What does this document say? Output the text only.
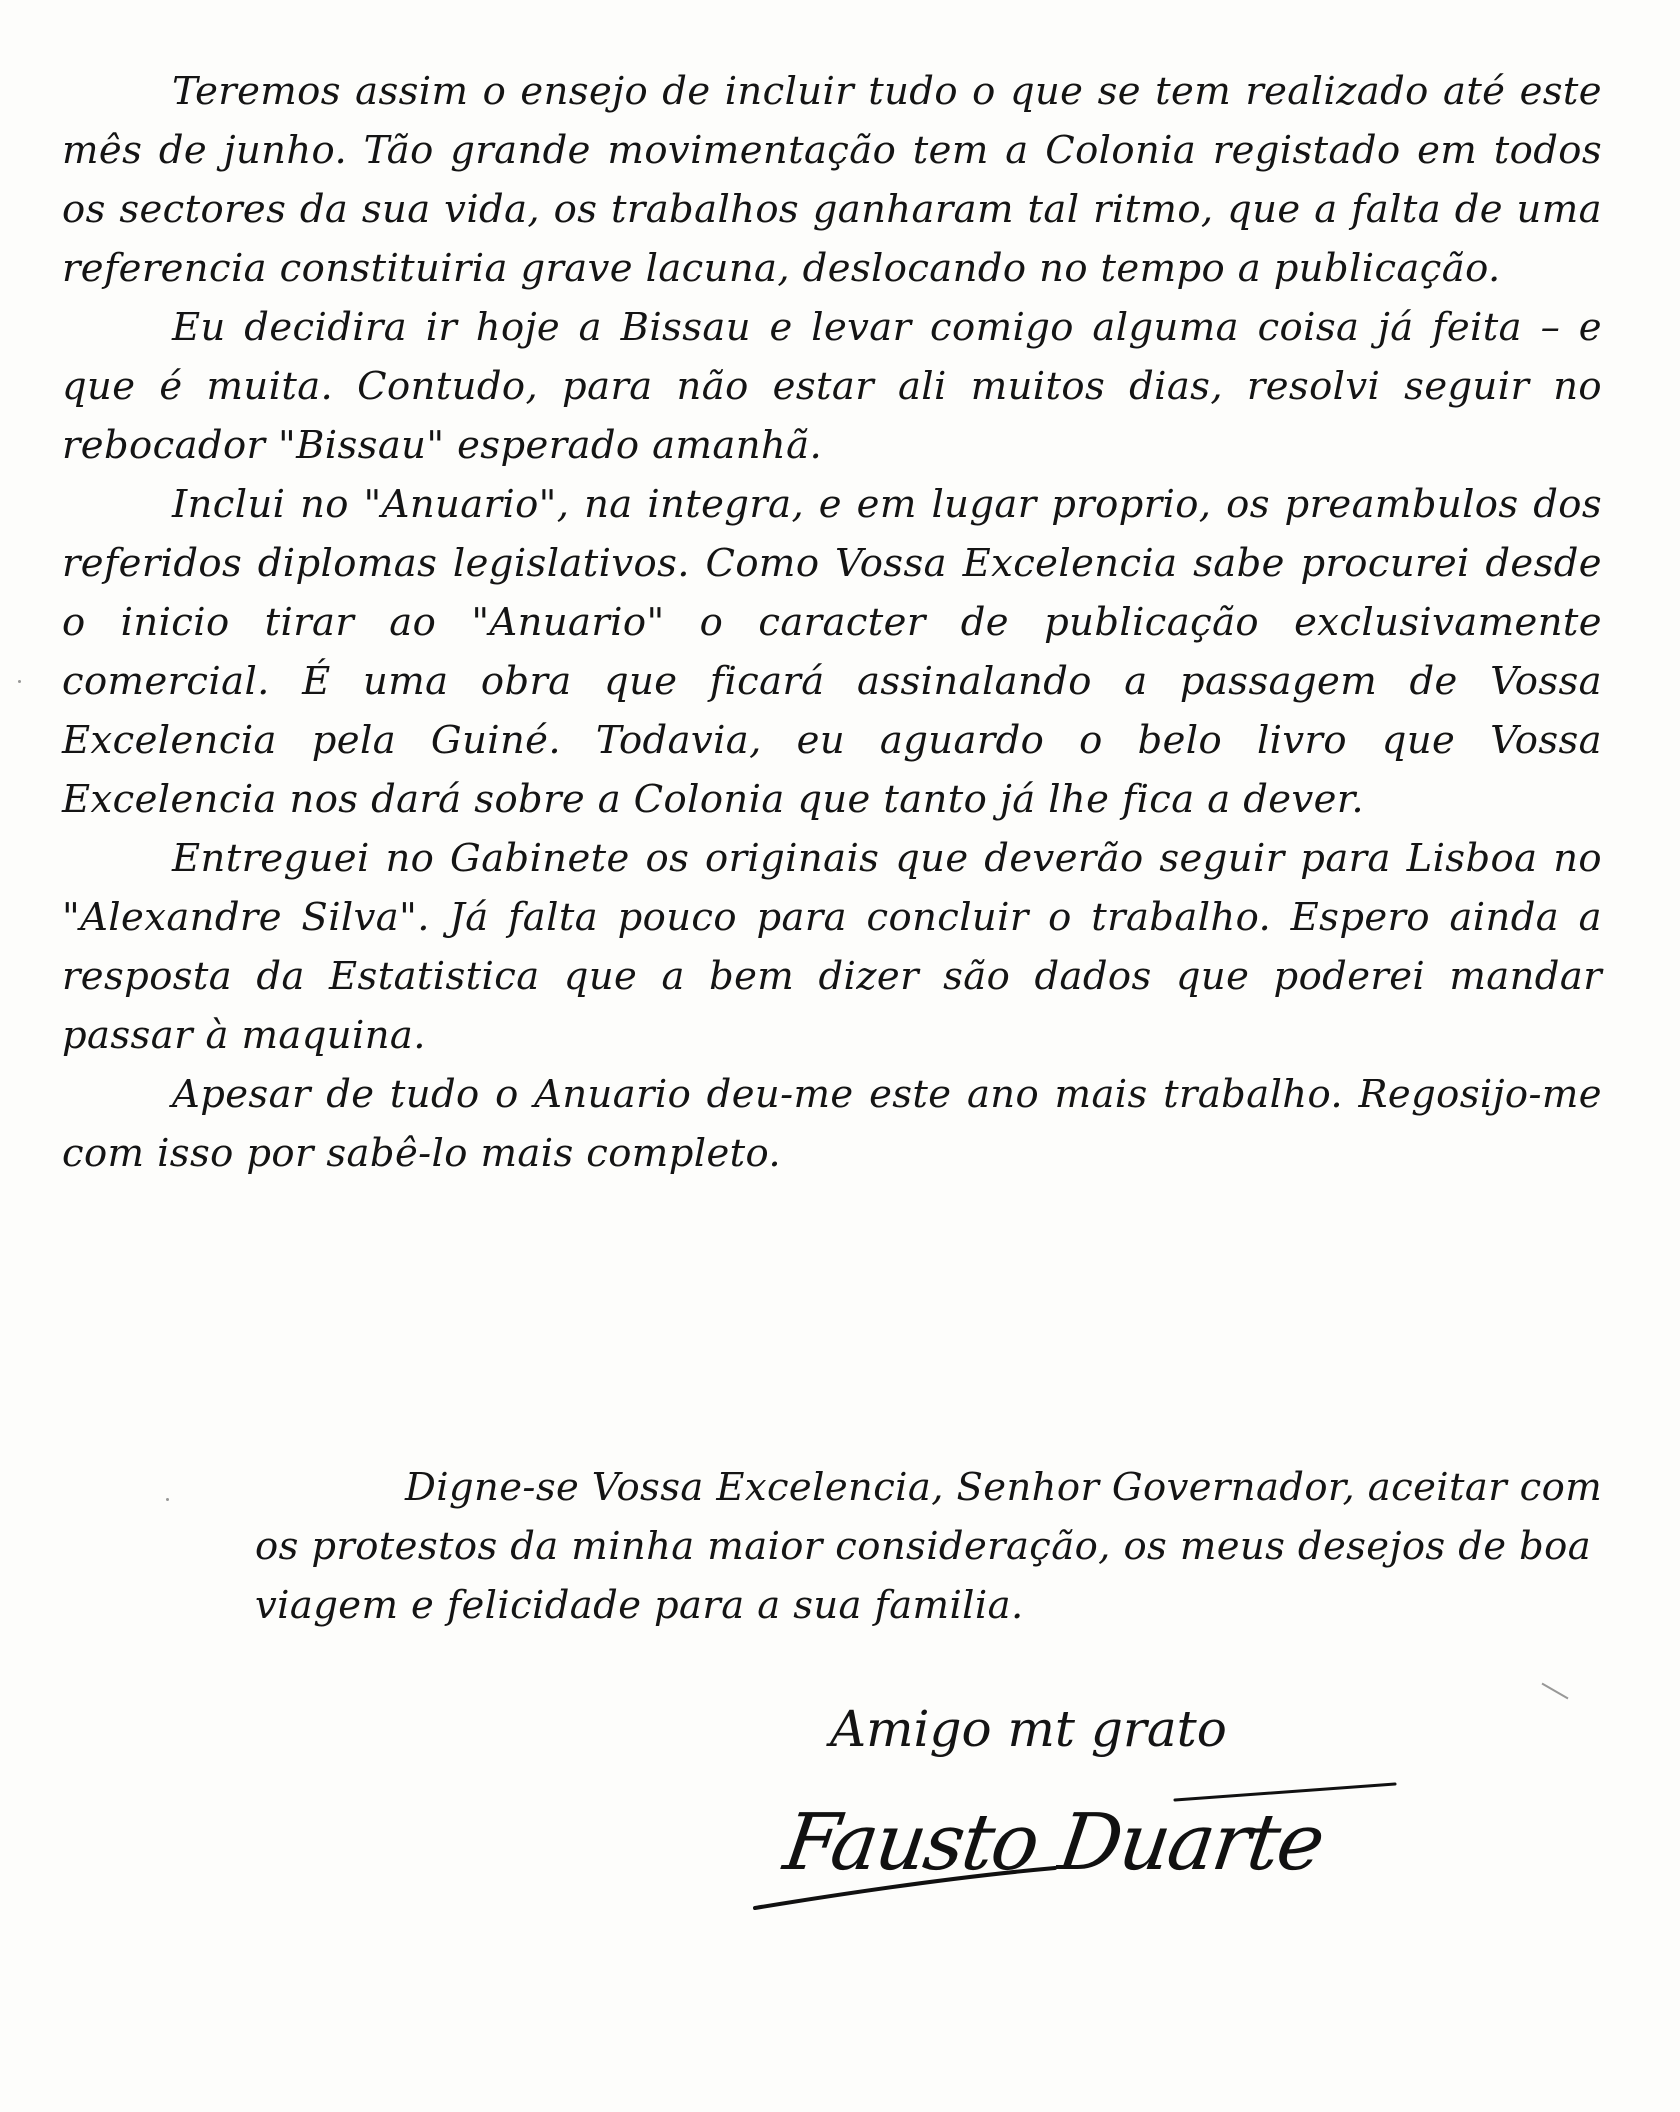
Teremos assim o ensejo de incluir tudo o que se tem realizado até este mês de junho. Tão grande movimentação tem a Colonia registado em todos os sectores da sua vida, os trabalhos ganharam tal ritmo, que a falta de uma referencia constituiria grave lacuna, deslocando no tempo a publicação.

Eu decidira ir hoje a Bissau e levar comigo alguma coisa já feita – e que é muita. Contudo, para não estar ali muitos dias, resolvi seguir no rebocador "Bissau" esperado amanhã.

Inclui no "Anuario", na integra, e em lugar proprio, os preambulos dos referidos diplomas legislativos. Como Vossa Excelencia sabe procurei desde o inicio tirar ao "Anuario" o caracter de publicação exclusivamente comercial. É uma obra que ficará assinalando a passagem de Vossa Excelencia pela Guiné. Todavia, eu aguardo o belo livro que Vossa Excelencia nos dará sobre a Colonia que tanto já lhe fica a dever.

Entreguei no Gabinete os originais que deverão seguir para Lisboa no "Alexandre Silva". Já falta pouco para concluir o trabalho. Espero ainda a resposta da Estatistica que a bem dizer são dados que poderei mandar passar à maquina.

Apesar de tudo o Anuario deu-me este ano mais trabalho. Regosijo-me com isso por sabê-lo mais completo.

Digne-se Vossa Excelencia, Senhor Governador, aceitar com os protestos da minha maior consideração, os meus desejos de boa viagem e felicidade para a sua familia.

Amigo mt grato
Fausto Duarte
